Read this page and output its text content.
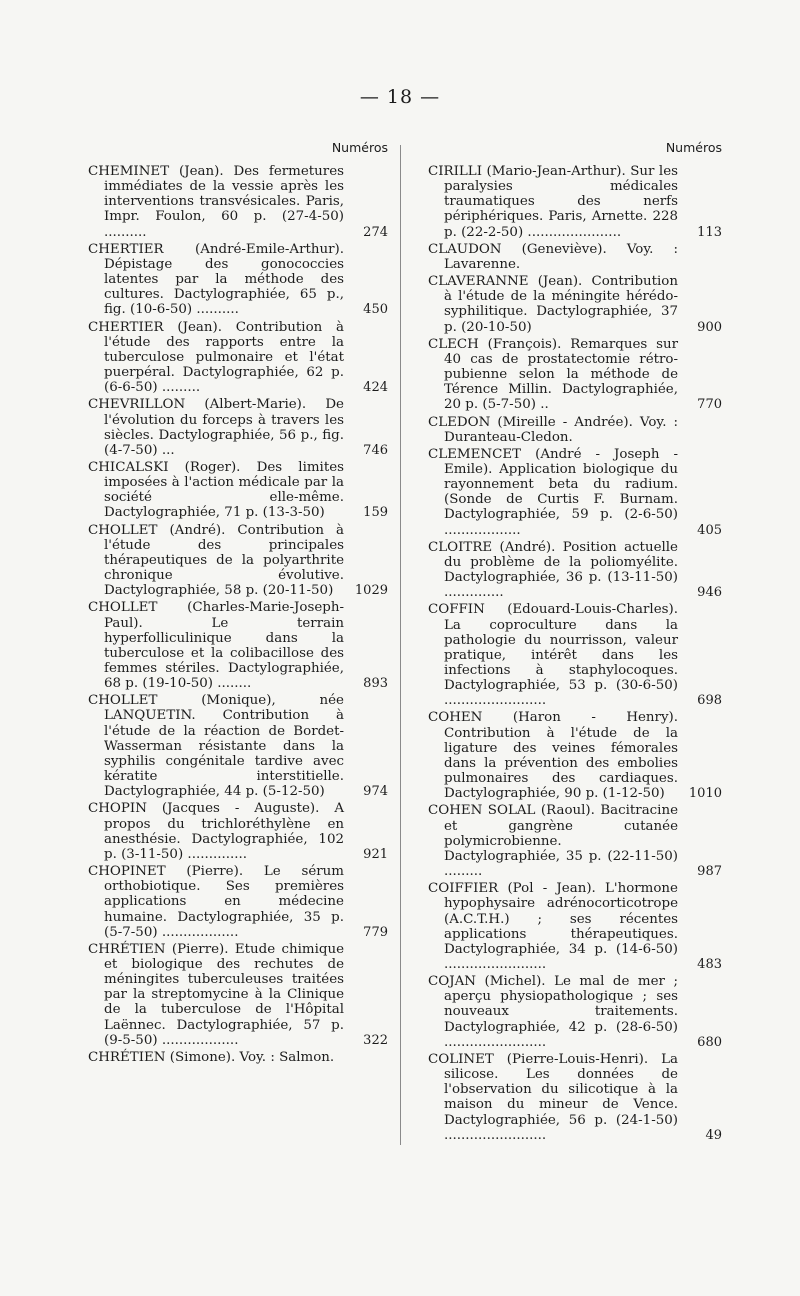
— 18 —
Numéros
CHEMINET (Jean). Des fermetures immédiates de la vessie après les interventions transvésicales. Paris, Impr. Foulon, 60 p. (27-4-50) ..........	274
CHERTIER (André-Emile-Arthur). Dépistage des gonococcies latentes par la méthode des cultures. Dactylographiée, 65 p., fig. (10-6-50) ..........	450
CHERTIER (Jean). Contribution à l'étude des rapports entre la tuberculose pulmonaire et l'état puerpéral. Dactylographiée, 62 p. (6-6-50) .........	424
CHEVRILLON (Albert-Marie). De l'évolution du forceps à travers les siècles. Dactylographiée, 56 p., fig. (4-7-50) ...	746
CHICALSKI (Roger). Des limites imposées à l'action médicale par la société elle-même. Dactylographiée, 71 p. (13-3-50)	159
CHOLLET (André). Contribution à l'étude des principales thérapeutiques de la polyarthrite chronique évolutive. Dactylographiée, 58 p. (20-11-50) 1029
CHOLLET (Charles-Marie-Joseph-Paul).	Le terrain hyperfolliculinique dans la tuberculose et la colibacillose des femmes stériles. Dactylographiée, 68 p. (19-10-50) ........	893
CHOLLET	(Monique), née LANQUETIN. Contribution à l'étude de la réaction de Bordet-Wasserman résistante dans la syphilis congénitale tardive avec kératite interstitielle. Dactylographiée, 44 p. (5-12-50)	974
CHOPIN (Jacques - Auguste). A propos du trichloréthylène en anesthésie. Dactylographiée, 102 p. (3-11-50) ..............	921
CHOPINET (Pierre). Le sérum orthobiotique. Ses premières applications en médecine humaine. Dactylographiée, 35 p. (5-7-50) ..................	779
CHRÉTIEN (Pierre). Etude chimique et biologique des rechutes de méningites tuberculeuses traitées par la streptomycine à la Clinique de la tuberculose de l'Hôpital Laënnec. Dactylographiée, 57 p. (9-5-50) ..................	322
CHRÉTIEN (Simone). Voy. : Salmon.
Numéros
CIRILLI (Mario-Jean-Arthur). Sur les paralysies médicales traumatiques des nerfs périphériques. Paris, Arnette. 228 p. (22-2-50) ......................	113
CLAUDON (Geneviève). Voy. : Lavarenne.
CLAVERANNE (Jean). Contribution à l'étude de la méningite hérédo-syphilitique. Dactylographiée, 37 p. (20-10-50)	900
CLECH (François). Remarques sur 40 cas de prostatectomie rétro-pubienne selon la méthode de Térence Millin. Dactylographiée, 20 p. (5-7-50) ..	770
CLEDON (Mireille - Andrée). Voy. : Duranteau-Cledon.
CLEMENCET (André - Joseph - Emile). Application biologique du rayonnement beta du radium. (Sonde de Curtis F. Burnam. Dactylographiée, 59 p. (2-6-50) ..................	405
CLOITRE (André). Position actuelle du problème de la poliomyélite. Dactylographiée, 36 p. (13-11-50) ..............	946
COFFIN (Edouard-Louis-Charles). La coproculture dans la pathologie du nourrisson, valeur pratique, intérêt dans les infections à staphylocoques. Dactylographiée, 53 p. (30-6-50) ........................	698
COHEN (Haron - Henry). Contribution à l'étude de la ligature des veines fémorales dans la prévention des embolies pulmonaires des cardiaques. Dactylographiée, 90 p. (1-12-50) 1010
COHEN SOLAL (Raoul). Bacitracine et gangrène cutanée polymicrobienne. Dactylographiée, 35 p. (22-11-50) .........	987
COIFFIER (Pol - Jean). L'hormone hypophysaire adrénocorticotrope (A.C.T.H.) ; ses récentes applications thérapeutiques. Dactylographiée, 34 p. (14-6-50) ........................	483
COJAN (Michel). Le mal de mer ; aperçu physiopathologique ; ses nouveaux traitements. Dactylographiée, 42 p. (28-6-50) ........................	680
COLINET (Pierre-Louis-Henri). La silicose. Les données de l'observation du silicotique à la maison du mineur de Vence. Dactylographiée, 56 p. (24-1-50) ........................	49
